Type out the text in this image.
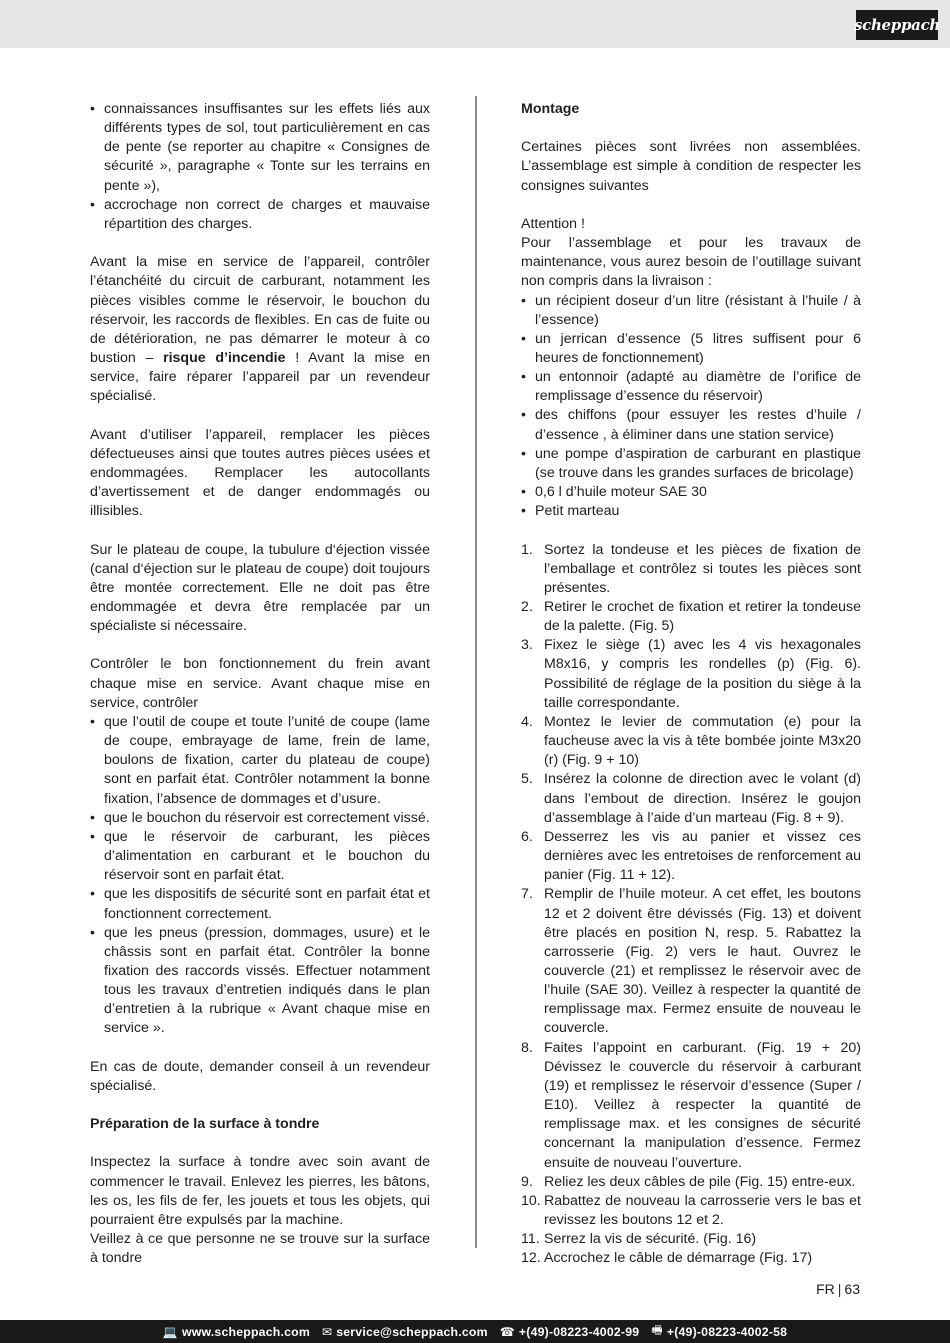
scheppach
• connaissances insuffisantes sur les effets liés aux différents types de sol, tout particulièrement en cas de pente (se reporter au chapitre « Consignes de sécurité », paragraphe « Tonte sur les terrains en pente »),
• accrochage non correct de charges et mauvaise répartition des charges.

Avant la mise en service de l’appareil, contrôler l’étanchéité du circuit de carburant, notamment les pièces visibles comme le réservoir, le bouchon du réservoir, les raccords de flexibles. En cas de fuite ou de détérioration, ne pas démarrer le moteur à co bustion – risque d’incendie ! Avant la mise en service, faire réparer l’appareil par un revendeur spécialisé.

Avant d’utiliser l’appareil, remplacer les pièces défectueuses ainsi que toutes autres pièces usées et endommagées. Remplacer les autocollants d’avertissement et de danger endommagés ou illisibles.

Sur le plateau de coupe, la tubulure d‘éjection vissée (canal d‘éjection sur le plateau de coupe) doit toujours être montée correctement. Elle ne doit pas être endommagée et devra être remplacée par un spécialiste si nécessaire.

Contrôler le bon fonctionnement du frein avant chaque mise en service. Avant chaque mise en service, contrôler

• que l’outil de coupe et toute l’unité de coupe (lame de coupe, embrayage de lame, frein de lame, boulons de fixation, carter du plateau de coupe) sont en parfait état. Contrôler notamment la bonne fixation, l’absence de dommages et d’usure.
• que le bouchon du réservoir est correctement vissé.
• que le réservoir de carburant, les pièces d’alimentation en carburant et le bouchon du réservoir sont en parfait état.
• que les dispositifs de sécurité sont en parfait état et fonctionnent correctement.
• que les pneus (pression, dommages, usure) et le châssis sont en parfait état. Contrôler la bonne fixation des raccords vissés. Effectuer notamment tous les travaux d’entretien indiqués dans le plan d’entretien à la rubrique « Avant chaque mise en service ».

En cas de doute, demander conseil à un revendeur spécialisé.

Préparation de la surface à tondre

Inspectez la surface à tondre avec soin avant de commencer le travail. Enlevez les pierres, les bâtons, les os, les fils de fer, les jouets et tous les objets, qui pourraient être expulsés par la machine.

Veillez à ce que personne ne se trouve sur la surface à tondre

Montage

Certaines pièces sont livrées non assemblées. L’assemblage est simple à condition de respecter les consignes suivantes

Attention !

Pour l’assemblage et pour les travaux de maintenance, vous aurez besoin de l’outillage suivant non compris dans la livraison :

• un récipient doseur d’un litre (résistant à l’huile / à l’essence)
• un jerrican d’essence (5 litres suffisent pour 6 heures de fonctionnement)
• un entonnoir (adapté au diamètre de l’orifice de remplissage d’essence du réservoir)
• des chiffons (pour essuyer les restes d’huile / d’essence , à éliminer dans une station service)
• une pompe d’aspiration de carburant en plastique (se trouve dans les grandes surfaces de bricolage)
• 0,6 l d’huile moteur SAE 30
• Petit marteau
1. Sortez la tondeuse et les pièces de fixation de l’emballage et contrôlez si toutes les pièces sont présentes.
2. Retirer le crochet de fixation et retirer la tondeuse de la palette. (Fig. 5)
3. Fixez le siège (1) avec les 4 vis hexagonales M8x16, y compris les rondelles (p) (Fig. 6). Possibilité de réglage de la position du siège à la taille correspondante.
4. Montez le levier de commutation (e) pour la faucheuse avec la vis à tête bombée jointe M3x20 (r) (Fig. 9 + 10)
5. Insérez la colonne de direction avec le volant (d) dans l’embout de direction. Insérez le goujon d’assemblage à l’aide d’un marteau (Fig. 8 + 9).
6. Desserrez les vis au panier et vissez ces dernières avec les entretoises de renforcement au panier (Fig. 11 + 12).
7. Remplir de l’huile moteur. A cet effet, les boutons 12 et 2 doivent être dévissés (Fig. 13) et doivent être placés en position N, resp. 5. Rabattez la carrosserie (Fig. 2) vers le haut. Ouvrez le couvercle (21) et remplissez le réservoir avec de l’huile (SAE 30). Veillez à respecter la quantité de remplissage max. Fermez ensuite de nouveau le couvercle.
8. Faites l’appoint en carburant. (Fig. 19 + 20) Dévissez le couvercle du réservoir à carburant (19) et remplissez le réservoir d’essence (Super / E10). Veillez à respecter la quantité de remplissage max. et les consignes de sécurité concernant la manipulation d’essence. Fermez ensuite de nouveau l’ouverture.
9. Reliez les deux câbles de pile (Fig. 15) entre-eux.
10. Rabattez de nouveau la carrosserie vers le bas et revissez les boutons 12 et 2.
11. Serrez la vis de sécurité. (Fig. 16)
12. Accrochez le câble de démarrage (Fig. 17)
FR | 63
💻 www.scheppach.com ✉ service@scheppach.com ☎ +(49)-08223-4002-99 🖷 +(49)-08223-4002-58
